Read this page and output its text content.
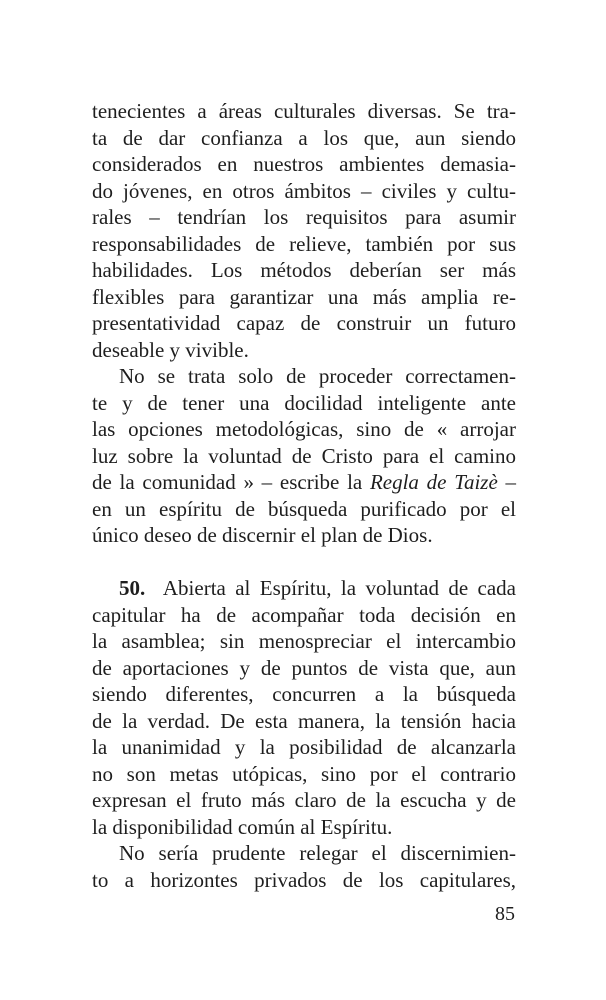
tenecientes a áreas culturales diversas. Se tra-
ta de dar confianza a los que, aun siendo
considerados en nuestros ambientes demasia-
do jóvenes, en otros ámbitos – civiles y cultu-
rales – tendrían los requisitos para asumir
responsabilidades de relieve, también por sus
habilidades. Los métodos deberían ser más
flexibles para garantizar una más amplia re-
presentatividad capaz de construir un futuro
deseable y vivible.
No se trata solo de proceder correctamen-
te y de tener una docilidad inteligente ante
las opciones metodológicas, sino de « arrojar
luz sobre la voluntad de Cristo para el camino
de la comunidad » – escribe la Regla de Taizè –
en un espíritu de búsqueda purificado por el
único deseo de discernir el plan de Dios.
50. Abierta al Espíritu, la voluntad de cada
capitular ha de acompañar toda decisión en
la asamblea; sin menospreciar el intercambio
de aportaciones y de puntos de vista que, aun
siendo diferentes, concurren a la búsqueda
de la verdad. De esta manera, la tensión hacia
la unanimidad y la posibilidad de alcanzarla
no son metas utópicas, sino por el contrario
expresan el fruto más claro de la escucha y de
la disponibilidad común al Espíritu.
No sería prudente relegar el discernimien-
to a horizontes privados de los capitulares,
85
